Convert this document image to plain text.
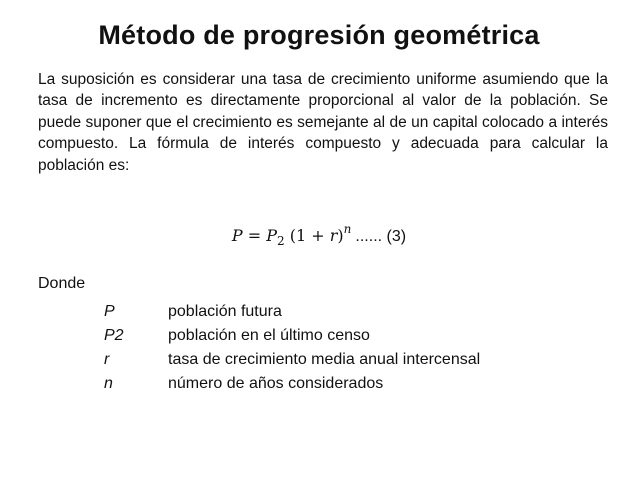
Método de progresión geométrica
La suposición es considerar una tasa de crecimiento uniforme asumiendo que la tasa de incremento es directamente proporcional al valor de la población. Se puede suponer que el crecimiento es semejante al de un capital colocado a interés compuesto. La fórmula de interés compuesto y adecuada para calcular la población es:
$P = P_2$ $(1 + r)^n$ ...... (3)
Donde
P	población futura
P2	población en el último censo
r	tasa de crecimiento media anual intercensal
n	número de años considerados
